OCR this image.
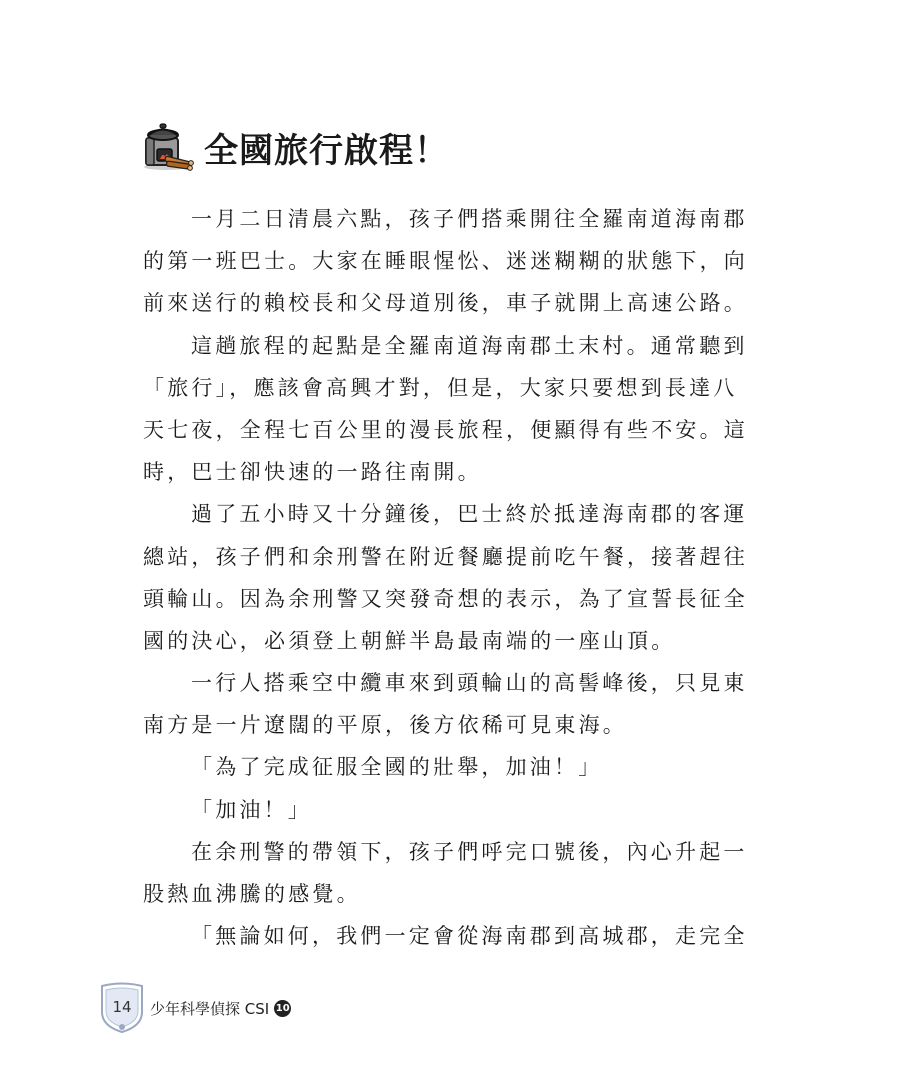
全國旅行啟程！

一月二日清晨六點，孩子們搭乘開往全羅南道海南郡
的第一班巴士。大家在睡眼惺忪、迷迷糊糊的狀態下，向
前來送行的賴校長和父母道別後，車子就開上高速公路。

這趟旅程的起點是全羅南道海南郡土末村。通常聽到
「旅行」，應該會高興才對，但是，大家只要想到長達八
天七夜，全程七百公里的漫長旅程，便顯得有些不安。這
時，巴士卻快速的一路往南開。

過了五小時又十分鐘後，巴士終於抵達海南郡的客運
總站，孩子們和余刑警在附近餐廳提前吃午餐，接著趕往
頭輪山。因為余刑警又突發奇想的表示，為了宣誓長征全
國的決心，必須登上朝鮮半島最南端的一座山頂。

一行人搭乘空中纜車來到頭輪山的高髻峰後，只見東
南方是一片遼闊的平原，後方依稀可見東海。

「為了完成征服全國的壯舉，加油！」

「加油！」

在余刑警的帶領下，孩子們呼完口號後，內心升起一
股熱血沸騰的感覺。

「無論如何，我們一定會從海南郡到高城郡，走完全

14	少年科學偵探 CSI 10
